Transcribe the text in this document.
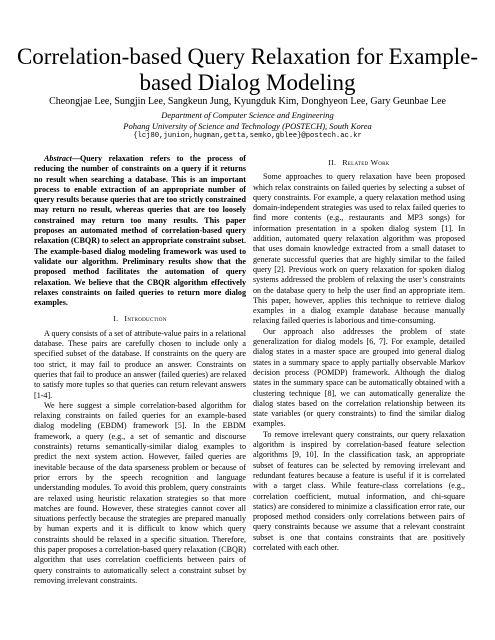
Correlation-based Query Relaxation for Example-based Dialog Modeling
Cheongjae Lee, Sungjin Lee, Sangkeun Jung, Kyungduk Kim, Donghyeon Lee, Gary Geunbae Lee
Department of Computer Science and Engineering
Pohang University of Science and Technology (POSTECH), South Korea
{lcj80,junion,hugman,getta,semko,gblee}@postech.ac.kr

Abstract—Query relaxation refers to the process of reducing the number of constraints on a query if it returns no result when searching a database. This is an important process to enable extraction of an appropriate number of query results because queries that are too strictly constrained may return no result, whereas queries that are too loosely constrained may return too many results. This paper proposes an automated method of correlation-based query relaxation (CBQR) to select an appropriate constraint subset. The example-based dialog modeling framework was used to validate our algorithm. Preliminary results show that the proposed method facilitates the automation of query relaxation. We believe that the CBQR algorithm effectively relaxes constraints on failed queries to return more dialog examples.

I. Introduction

A query consists of a set of attribute-value pairs in a relational database. These pairs are carefully chosen to include only a specified subset of the database. If constraints on the query are too strict, it may fail to produce an answer. Constraints on queries that fail to produce an answer (failed queries) are relaxed to satisfy more tuples so that queries can return relevant answers [1-4].

We here suggest a simple correlation-based algorithm for relaxing constraints on failed queries for an example-based dialog modeling (EBDM) framework [5]. In the EBDM framework, a query (e.g., a set of semantic and discourse constraints) returns semantically-similar dialog examples to predict the next system action. However, failed queries are inevitable because of the data sparseness problem or because of prior errors by the speech recognition and language understanding modules. To avoid this problem, query constraints are relaxed using heuristic relaxation strategies so that more matches are found. However, these strategies cannot cover all situations perfectly because the strategies are prepared manually by human experts and it is difficult to know which query constraints should be relaxed in a specific situation. Therefore, this paper proposes a correlation-based query relaxation (CBQR) algorithm that uses correlation coefficients between pairs of query constraints to automatically select a constraint subset by removing irrelevant constraints.

II. Related Work

Some approaches to query relaxation have been proposed which relax constraints on failed queries by selecting a subset of query constraints. For example, a query relaxation method using domain-independent strategies was used to relax failed queries to find more contents (e.g., restaurants and MP3 songs) for information presentation in a spoken dialog system [1]. In addition, automated query relaxation algorithm was proposed that uses domain knowledge extracted from a small dataset to generate successful queries that are highly similar to the failed query [2]. Previous work on query relaxation for spoken dialog systems addressed the problem of relaxing the user’s constraints on the database query to help the user find an appropriate item. This paper, however, applies this technique to retrieve dialog examples in a dialog example database because manually relaxing failed queries is laborious and time-consuming.

Our approach also addresses the problem of state generalization for dialog models [6, 7]. For example, detailed dialog states in a master space are grouped into general dialog states in a summary space to apply partially observable Markov decision process (POMDP) framework. Although the dialog states in the summary space can be automatically obtained with a clustering technique [8], we can automatically generalize the dialog states based on the correlation relationship between its state variables (or query constraints) to find the similar dialog examples.

To remove irrelevant query constraints, our query relaxation algorithm is inspired by correlation-based feature selection algorithms [9, 10]. In the classification task, an appropriate subset of features can be selected by removing irrelevant and redundant features because a feature is useful if it is correlated with a target class. While feature-class correlations (e.g., correlation coefficient, mutual information, and chi-square statics) are considered to minimize a classification error rate, our proposed method considers only correlations between pairs of query constraints because we assume that a relevant constraint subset is one that contains constraints that are positively correlated with each other.
